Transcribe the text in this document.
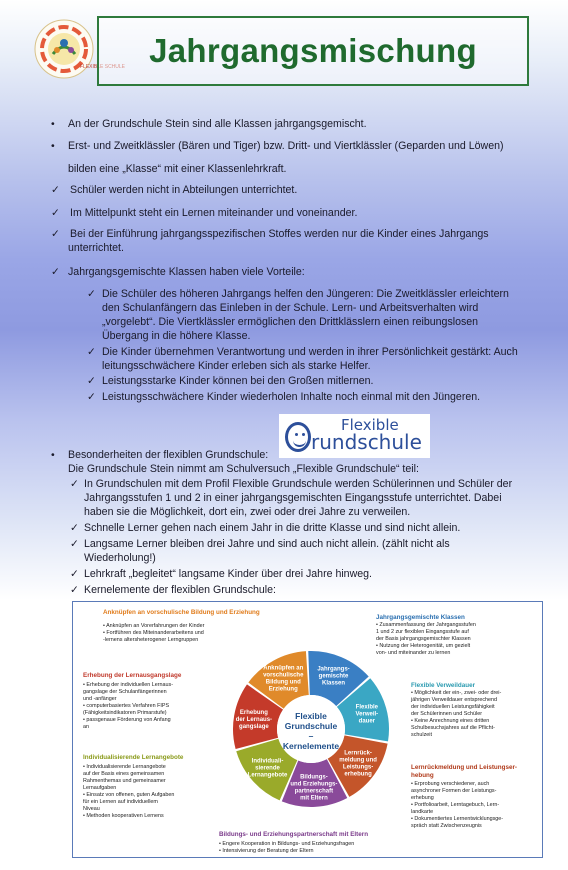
FLEXIBLE SCHULE Jahrgangsmischung
• An der Grundschule Stein sind alle Klassen jahrgangsgemischt.
• Erst- und Zweitklässler (Bären und Tiger) bzw. Dritt- und Viertklässler (Geparden und Löwen)
bilden eine „Klasse“ mit einer Klassenlehrkraft.
✓ Schüler werden nicht in Abteilungen unterrichtet.
✓ Im Mittelpunkt steht ein Lernen miteinander und voneinander.
✓ Bei der Einführung jahrgangsspezifischen Stoffes werden nur die Kinder eines Jahrgangs
unterrichtet.
✓ Jahrgangsgemischte Klassen haben viele Vorteile:
✓ Die Schüler des höheren Jahrgangs helfen den Jüngeren: Die Zweitklässler erleichtern
den Schulanfängern das Einleben in der Schule. Lern- und Arbeitsverhalten wird
„vorgelebt“. Die Viertklässler ermöglichen den Drittklässlern einen reibungslosen
Übergang in die höhere Klasse.
✓ Die Kinder übernehmen Verantwortung und werden in ihrer Persönlichkeit gestärkt: Auch
leitungsschwächere Kinder erleben sich als starke Helfer.
✓ Leistungsstarke Kinder können bei den Großen mitlernen.
✓ Leistungsschwächere Kinder wiederholen Inhalte noch einmal mit den Jüngeren.
• Besonderheiten der flexiblen Grundschule:
Die Grundschule Stein nimmt am Schulversuch „Flexible Grundschule“ teil:
✓ In Grundschulen mit dem Profil Flexible Grundschule werden Schülerinnen und Schüler der
Jahrgangsstufen 1 und 2 in einer jahrgangsgemischten Eingangsstufe unterrichtet. Dabei
haben sie die Möglichkeit, dort ein, zwei oder drei Jahre zu verweilen.
✓ Schnelle Lerner gehen nach einem Jahr in die dritte Klasse und sind nicht allein.
✓ Langsame Lerner bleiben drei Jahre und sind auch nicht allein. (zählt nicht als
Wiederholung!)
✓ Lehrkraft „begleitet“ langsame Kinder über drei Jahre hinweg.
✓ Kernelemente der flexiblen Grundschule:
Flexible
rundschule
Anknüpfen an vorschulische Bildung und Erziehung
• Anknüpfen an Vorerfahrungen der Kinder
• Fortführen des Miteinanderarbeitens und
-lernens altersheterogener Lerngruppen
Erhebung der Lernausgangslage
• Erhebung der individuellen Lernaus-
gangslage der Schulanfängerinnen
und -anfänger
• computerbasiertes Verfahren FIPS
(Fähigkeitsindikatoren Primarstufe)
• passgenaue Förderung von Anfang
an
Individualisierende Lernangebote
• Individualisierende Lernangebote
auf der Basis eines gemeinsamen
Rahmenthemas und gemeinsamer
Lernaufgaben
• Einsatz von offenen, guten Aufgaben
für ein Lernen auf individuellem
Niveau
• Methoden kooperativen Lernens
Jahrgangsgemischte Klassen
• Zusammenfassung der Jahrgangsstufen
1 und 2 zur flexiblen Eingangsstufe auf
der Basis jahrgangsgemischter Klassen
• Nutzung der Heterogenität, um gezielt
von- und miteinander zu lernen
Flexible Verweildauer
• Möglichkeit der ein-, zwei- oder drei-
jährigen Verweildauer entsprechend
der individuellen Leistungsfähigkeit
der Schülerinnen und Schüler
• Keine Anrechnung eines dritten
Schulbesuchsjahres auf die Pflicht-
schulzeit
Lernrückmeldung und Leistungser-
hebung
• Erprobung verschiedener, auch
asynchroner Formen der Leistungs-
erhebung
• Portfolioarbeit, Lerntagebuch, Lern-
landkarte
• Dokumentiertes Lernentwicklungsge-
spräch statt Zwischenzeugnis
Bildungs- und Erziehungspartnerschaft mit Eltern
• Engere Kooperation in Bildungs- und Erziehungsfragen
• Intensivierung der Beratung der Eltern
Jahrgangs-
gemischte
Klassen
Flexible
Verweil-
dauer
Lernrück-
meldung und
Leistungs-
erhebung
Bildungs-
und Erziehungs-
partnerschaft
mit Eltern
Individuali-
sierende
Lernangebote
Erhebung
der Lernaus-
gangslage
Anknüpfen an
vorschulische
Bildung und
Erziehung
Flexible
Grundschule
–
Kernelemente
